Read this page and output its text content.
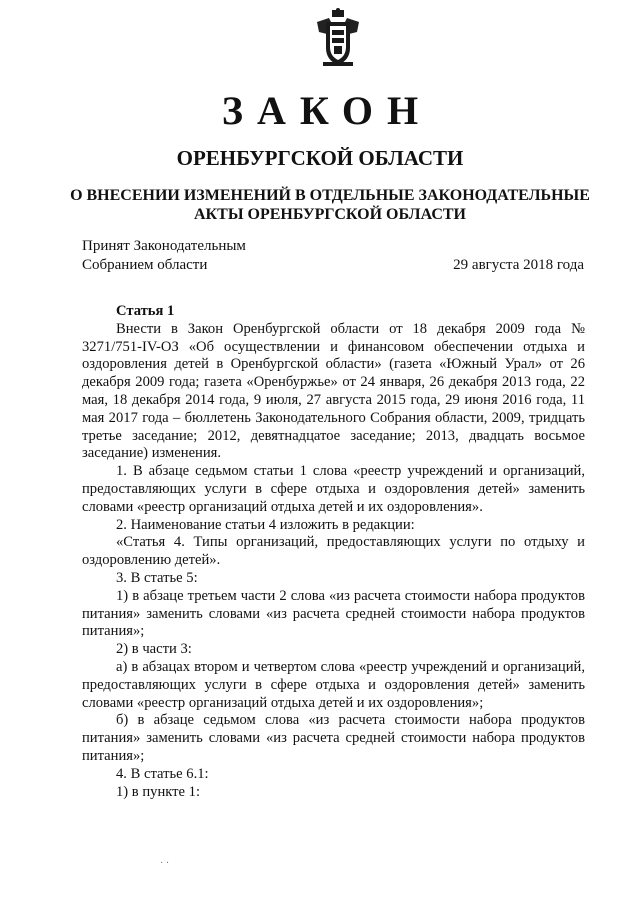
ЗАКОН
ОРЕНБУРГСКОЙ ОБЛАСТИ
О ВНЕСЕНИИ ИЗМЕНЕНИЙ В ОТДЕЛЬНЫЕ ЗАКОНОДАТЕЛЬНЫЕ
АКТЫ ОРЕНБУРГСКОЙ ОБЛАСТИ
Принят Законодательным
Собранием области	29 августа 2018 года

Статья 1

Внести в Закон Оренбургской области от 18 декабря 2009 года № 3271/751-IV-ОЗ «Об осуществлении и финансовом обеспечении отдыха и оздоровления детей в Оренбургской области» (газета «Южный Урал» от 26 декабря 2009 года; газета «Оренбуржье» от 24 января, 26 декабря 2013 года, 22 мая, 18 декабря 2014 года, 9 июля, 27 августа 2015 года, 29 июня 2016 года, 11 мая 2017 года – бюллетень Законодательного Собрания области, 2009, тридцать третье заседание; 2012, девятнадцатое заседание; 2013, двадцать восьмое заседание) изменения.

1. В абзаце седьмом статьи 1 слова «реестр учреждений и организаций, предоставляющих услуги в сфере отдыха и оздоровления детей» заменить словами «реестр организаций отдыха детей и их оздоровления».

2. Наименование статьи 4 изложить в редакции:

«Статья 4. Типы организаций, предоставляющих услуги по отдыху и оздоровлению детей».

3. В статье 5:

1) в абзаце третьем части 2 слова «из расчета стоимости набора продуктов питания» заменить словами «из расчета средней стоимости набора продуктов питания»;

2) в части 3:

а) в абзацах втором и четвертом слова «реестр учреждений и организаций, предоставляющих услуги в сфере отдыха и оздоровления детей» заменить словами «реестр организаций отдыха детей и их оздоровления»;

б) в абзаце седьмом слова «из расчета стоимости набора продуктов питания» заменить словами «из расчета средней стоимости набора продуктов питания»;

4. В статье 6.1:

1) в пункте 1:

· ·
